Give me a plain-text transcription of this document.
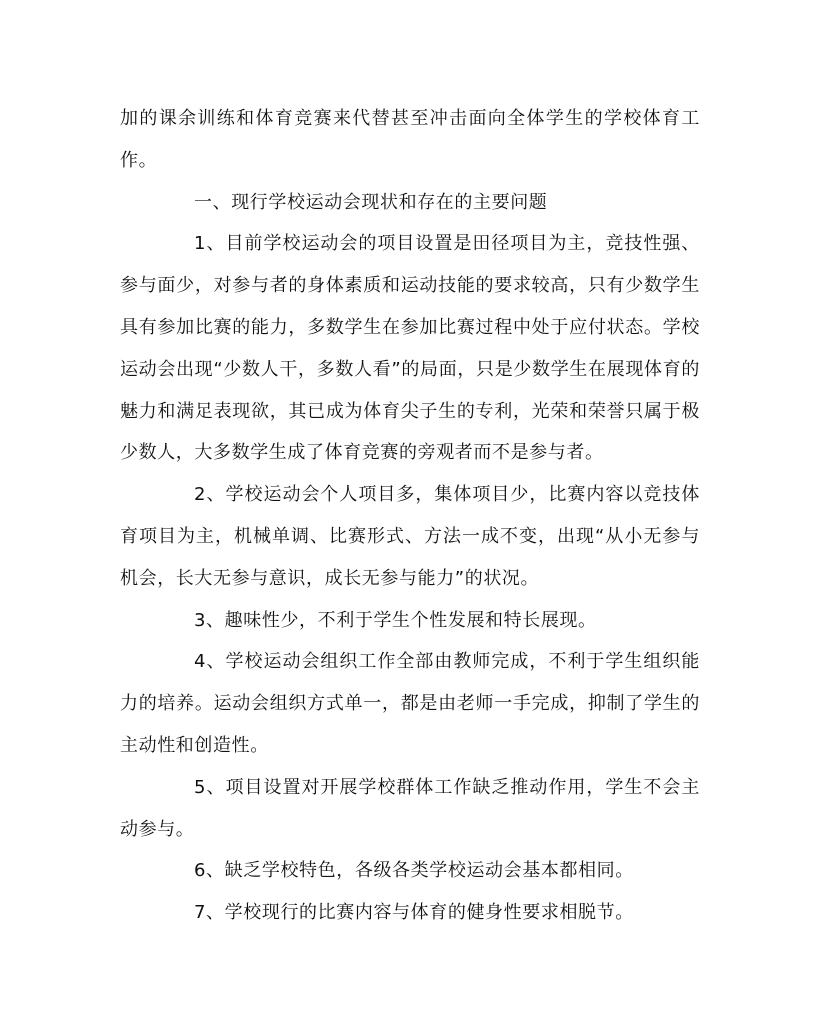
加的课余训练和体育竞赛来代替甚至冲击面向全体学生的学校体育工作。

一、现行学校运动会现状和存在的主要问题

1、目前学校运动会的项目设置是田径项目为主，竞技性强、参与面少，对参与者的身体素质和运动技能的要求较高，只有少数学生具有参加比赛的能力，多数学生在参加比赛过程中处于应付状态。学校运动会出现“少数人干，多数人看”的局面，只是少数学生在展现体育的魅力和满足表现欲，其已成为体育尖子生的专利，光荣和荣誉只属于极少数人，大多数学生成了体育竞赛的旁观者而不是参与者。

2、学校运动会个人项目多，集体项目少，比赛内容以竞技体育项目为主，机械单调、比赛形式、方法一成不变，出现“从小无参与机会，长大无参与意识，成长无参与能力”的状况。

3、趣味性少，不利于学生个性发展和特长展现。

4、学校运动会组织工作全部由教师完成，不利于学生组织能力的培养。运动会组织方式单一，都是由老师一手完成，抑制了学生的主动性和创造性。

5、项目设置对开展学校群体工作缺乏推动作用，学生不会主动参与。

6、缺乏学校特色，各级各类学校运动会基本都相同。

7、学校现行的比赛内容与体育的健身性要求相脱节。
